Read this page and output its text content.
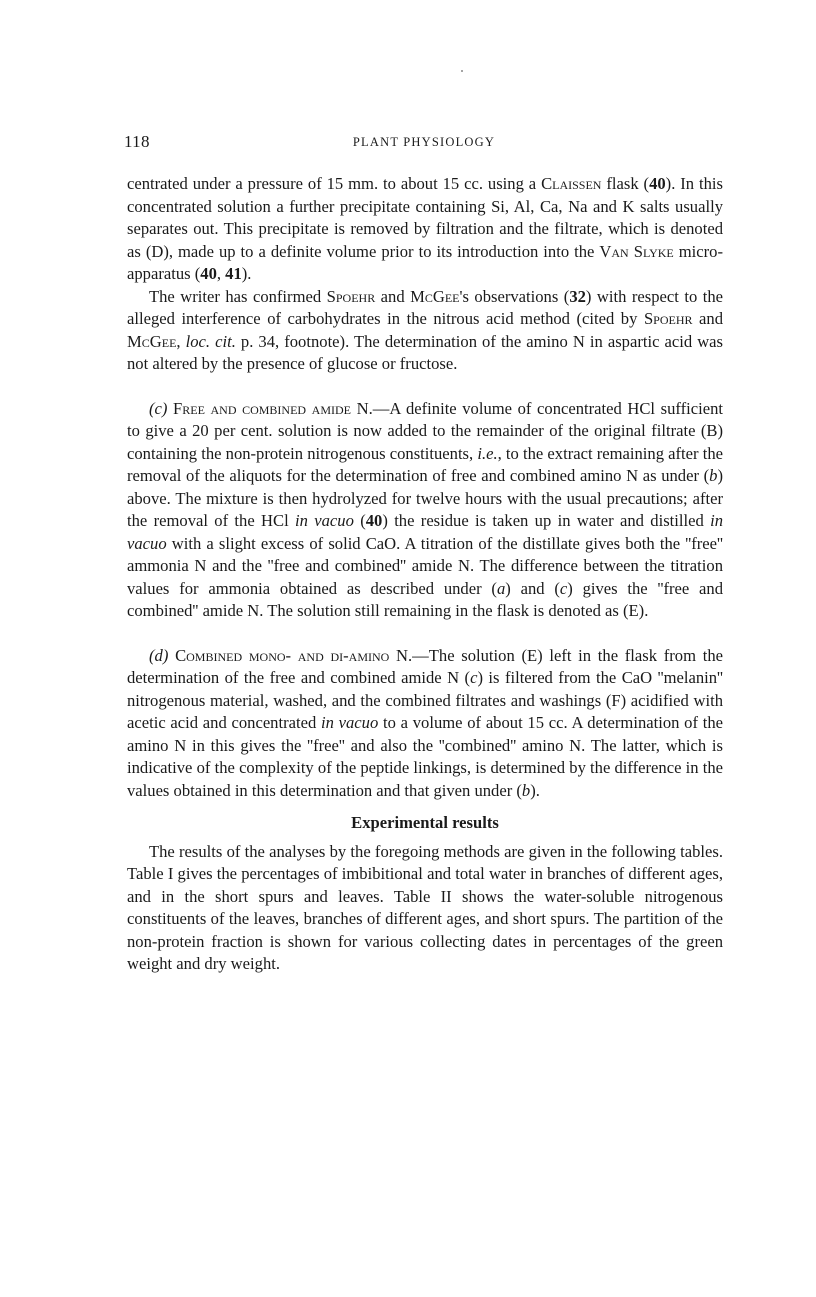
118	PLANT PHYSIOLOGY

centrated under a pressure of 15 mm. to about 15 cc. using a Claissen flask (40). In this concentrated solution a further precipitate containing Si, Al, Ca, Na and K salts usually separates out. This precipitate is removed by filtration and the filtrate, which is denoted as (D), made up to a definite volume prior to its introduction into the Van Slyke micro-apparatus (40, 41).

The writer has confirmed Spoehr and McGee's observations (32) with respect to the alleged interference of carbohydrates in the nitrous acid method (cited by Spoehr and McGee, loc. cit. p. 34, footnote). The determination of the amino N in aspartic acid was not altered by the presence of glucose or fructose.

(c) Free and combined amide N.—A definite volume of concentrated HCl sufficient to give a 20 per cent. solution is now added to the remainder of the original filtrate (B) containing the non-protein nitrogenous constituents, i.e., to the extract remaining after the removal of the aliquots for the determination of free and combined amino N as under (b) above. The mixture is then hydrolyzed for twelve hours with the usual precautions; after the removal of the HCl in vacuo (40) the residue is taken up in water and distilled in vacuo with a slight excess of solid CaO. A titration of the distillate gives both the ''free'' ammonia N and the ''free and combined'' amide N. The difference between the titration values for ammonia obtained as described under (a) and (c) gives the ''free and combined'' amide N. The solution still remaining in the flask is denoted as (E).

(d) Combined mono- and di-amino N.—The solution (E) left in the flask from the determination of the free and combined amide N (c) is filtered from the CaO ''melanin'' nitrogenous material, washed, and the combined filtrates and washings (F) acidified with acetic acid and concentrated in vacuo to a volume of about 15 cc. A determination of the amino N in this gives the ''free'' and also the ''combined'' amino N. The latter, which is indicative of the complexity of the peptide linkings, is determined by the difference in the values obtained in this determination and that given under (b).

Experimental results

The results of the analyses by the foregoing methods are given in the following tables. Table I gives the percentages of imbibitional and total water in branches of different ages, and in the short spurs and leaves. Table II shows the water-soluble nitrogenous constituents of the leaves, branches of different ages, and short spurs. The partition of the non-protein fraction is shown for various collecting dates in percentages of the green weight and dry weight.
